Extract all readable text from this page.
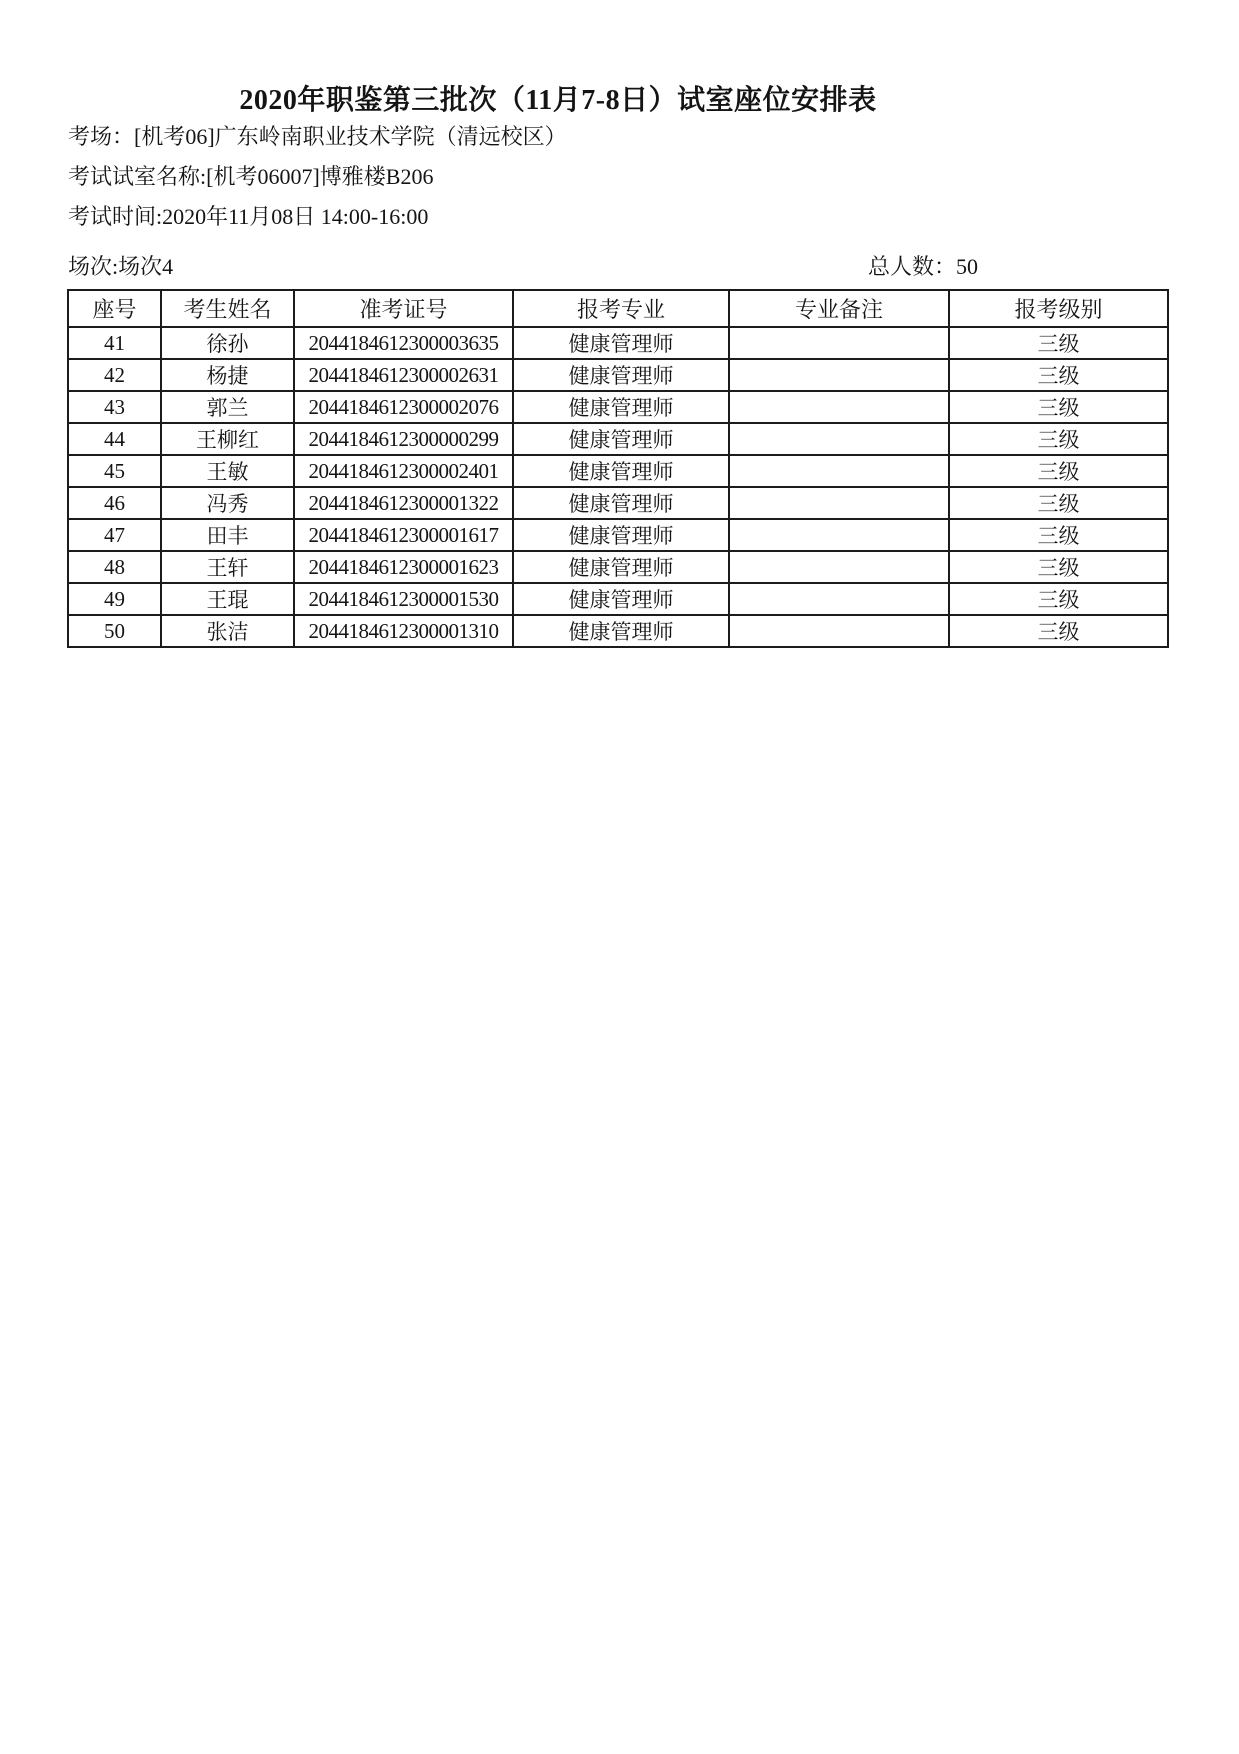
2020年职鉴第三批次（11月7-8日）试室座位安排表
考场：[机考06]广东岭南职业技术学院（清远校区）
考试试室名称:[机考06007]博雅楼B206
考试时间:2020年11月08日 14:00-16:00
场次:场次4	总人数：50
座号	考生姓名	准考证号	报考专业	专业备注	报考级别
41	徐孙	2044184612300003635	健康管理师		三级
42	杨捷	2044184612300002631	健康管理师		三级
43	郭兰	2044184612300002076	健康管理师		三级
44	王柳红	2044184612300000299	健康管理师		三级
45	王敏	2044184612300002401	健康管理师		三级
46	冯秀	2044184612300001322	健康管理师		三级
47	田丰	2044184612300001617	健康管理师		三级
48	王轩	2044184612300001623	健康管理师		三级
49	王琨	2044184612300001530	健康管理师		三级
50	张洁	2044184612300001310	健康管理师		三级
